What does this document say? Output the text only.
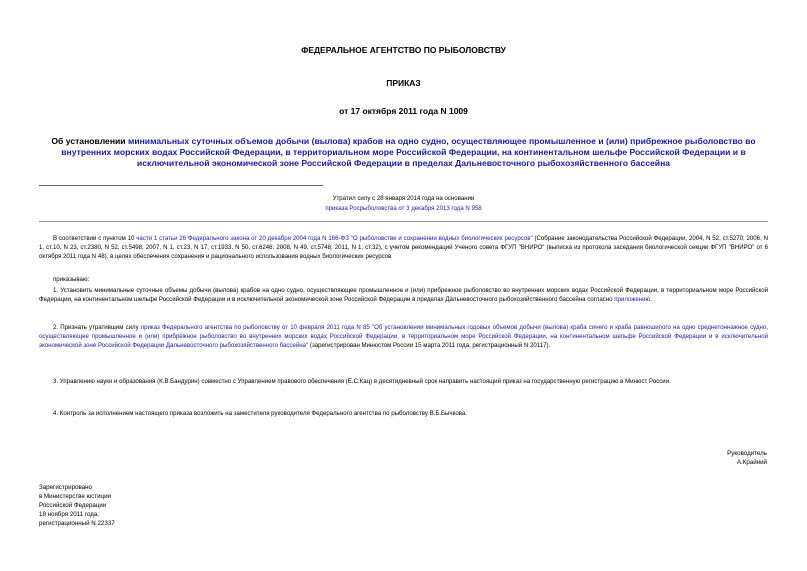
ФЕДЕРАЛЬНОЕ АГЕНТСТВО ПО РЫБОЛОВСТВУ
ПРИКАЗ
от 17 октября 2011 года N 1009
Об установлении минимальных суточных объемов добычи (вылова) крабов на одно судно, осуществляющее промышленное и (или) прибрежное рыболовство во
внутренних морских водах Российской Федерации, в территориальном море Российской Федерации, на континентальном шельфе Российской Федерации и в
исключительной экономической зоне Российской Федерации в пределах Дальневосточного рыбохозяйственного бассейна
Утратил силу с 28 января 2014 года на основании
приказа Росрыболовства от 3 декабря 2013 года N 958
В соответствии с пунктом 10 части 1 статьи 26 Федерального закона от 20 декабря 2004 года N 166-ФЗ "О рыболовстве и сохранении водных биологических ресурсов" (Собрание законодательства Российской Федерации, 2004, N 52, ст.5270; 2006, N 1, ст.10, N 23, ст.2380, N 52, ст.5498; 2007, N 1, ст.23, N 17, ст.1933, N 50, ст.6246; 2008, N 49, ст.5748; 2011, N 1, ст.32), с учетом рекомендаций Ученого совета ФГУП "ВНИРО" (выписка из протокола заседания биологической секции ФГУП "ВНИРО" от 6 октября 2011 года N 48), в целях обеспечения сохранения и рационального использования водных биологических ресурсов
приказываю:
1. Установить минимальные суточные объемы добычи (вылова) крабов на одно судно, осуществляющее промышленное и (или) прибрежное рыболовство во внутренних морских водах Российской Федерации, в территориальном море Российской Федерации, на континентальном шельфе Российской Федерации и в исключительной экономической зоне Российской Федерации в пределах Дальневосточного рыбохозяйственного бассейна согласно приложению.
2. Признать утратившим силу приказ Федерального агентства по рыболовству от 10 февраля 2011 года N 85 "Об установлении минимальных годовых объемов добычи (вылова) краба синего и краба равношипого на одно среднетоннажное судно, осуществляющее промышленное и (или) прибрежное рыболовство во внутренних морских водах Российской Федерации, в территориальном море Российской Федерации, на континентальном шельфе Российской Федерации и в исключительной экономической зоне Российской Федерации Дальневосточного рыбохозяйственного бассейна" (зарегистрирован Минюстом России 15 марта 2011 года, регистрационный N 20117).
3. Управлению науки и образования (К.В.Бандурин) совместно с Управлением правового обеспечения (Е.С.Кац) в десятидневный срок направить настоящий приказ на государственную регистрацию в Минюст России.
4. Контроль за исполнением настоящего приказа возложить на заместителя руководителя Федерального агентства по рыболовству В.Б.Бычкова.
Руководитель
А.Крайний
Зарегистрировано
в Министерстве юстиции
Российской Федерации
18 ноября 2011 года,
регистрационный N 22337
